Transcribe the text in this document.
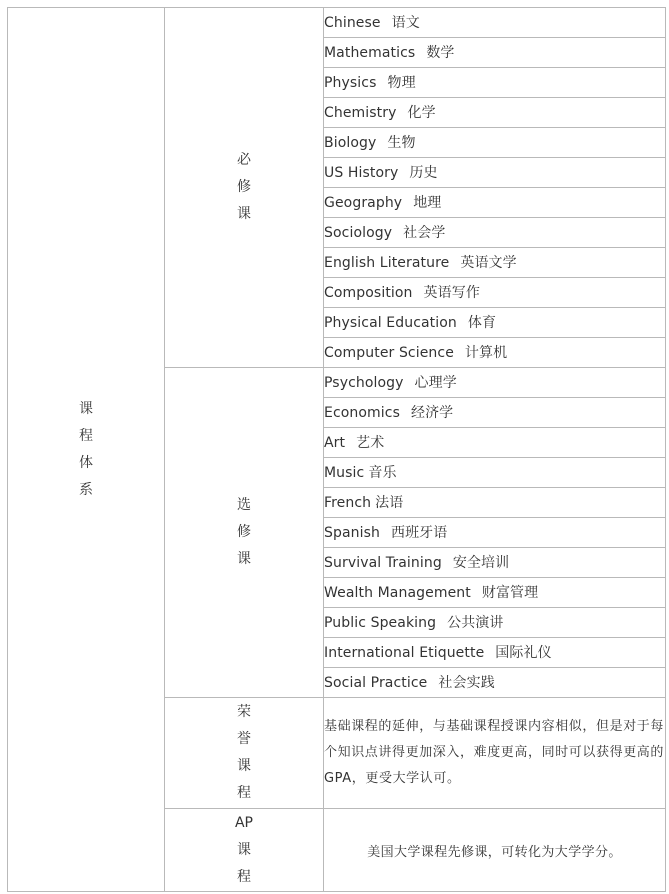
课
程
体
系	必
修
课	Chinese 语文
		Mathematics 数学
		Physics 物理
		Chemistry 化学
		Biology 生物
		US History 历史
		Geography 地理
		Sociology 社会学
		English Literature 英语文学
		Composition 英语写作
		Physical Education 体育
		Computer Science 计算机

	选
修
课	Psychology 心理学
		Economics 经济学
		Art 艺术
		Music 音乐
		French 法语
		Spanish 西班牙语
		Survival Training 安全培训
		Wealth Management 财富管理
		Public Speaking 公共演讲
		International Etiquette 国际礼仪
		Social Practice 社会实践

	荣
誉
课
程	基础课程的延伸，与基础课程授课内容相似，但是对于每个知识点讲得更加深入，难度更高，同时可以获得更高的GPA，更受大学认可。

	AP
课
程	美国大学课程先修课，可转化为大学学分。
